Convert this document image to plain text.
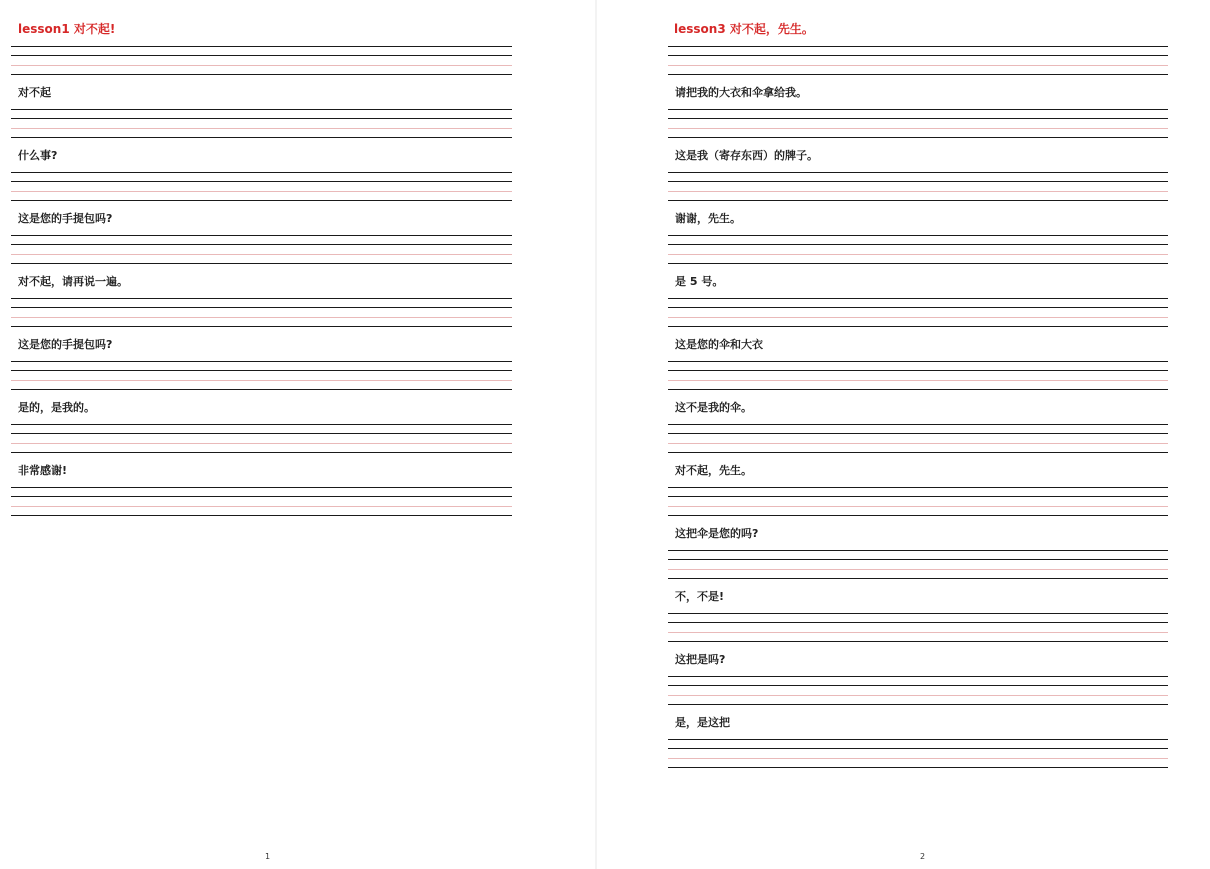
lesson1 对不起!
对不起
什么事?
这是您的手提包吗?
对不起，请再说一遍。
这是您的手提包吗?
是的，是我的。
非常感谢!
1
lesson3 对不起，先生。
请把我的大衣和伞拿给我。
这是我（寄存东西）的牌子。
谢谢，先生。
是 5 号。
这是您的伞和大衣
这不是我的伞。
对不起，先生。
这把伞是您的吗?
不，不是!
这把是吗?
是，是这把
2
